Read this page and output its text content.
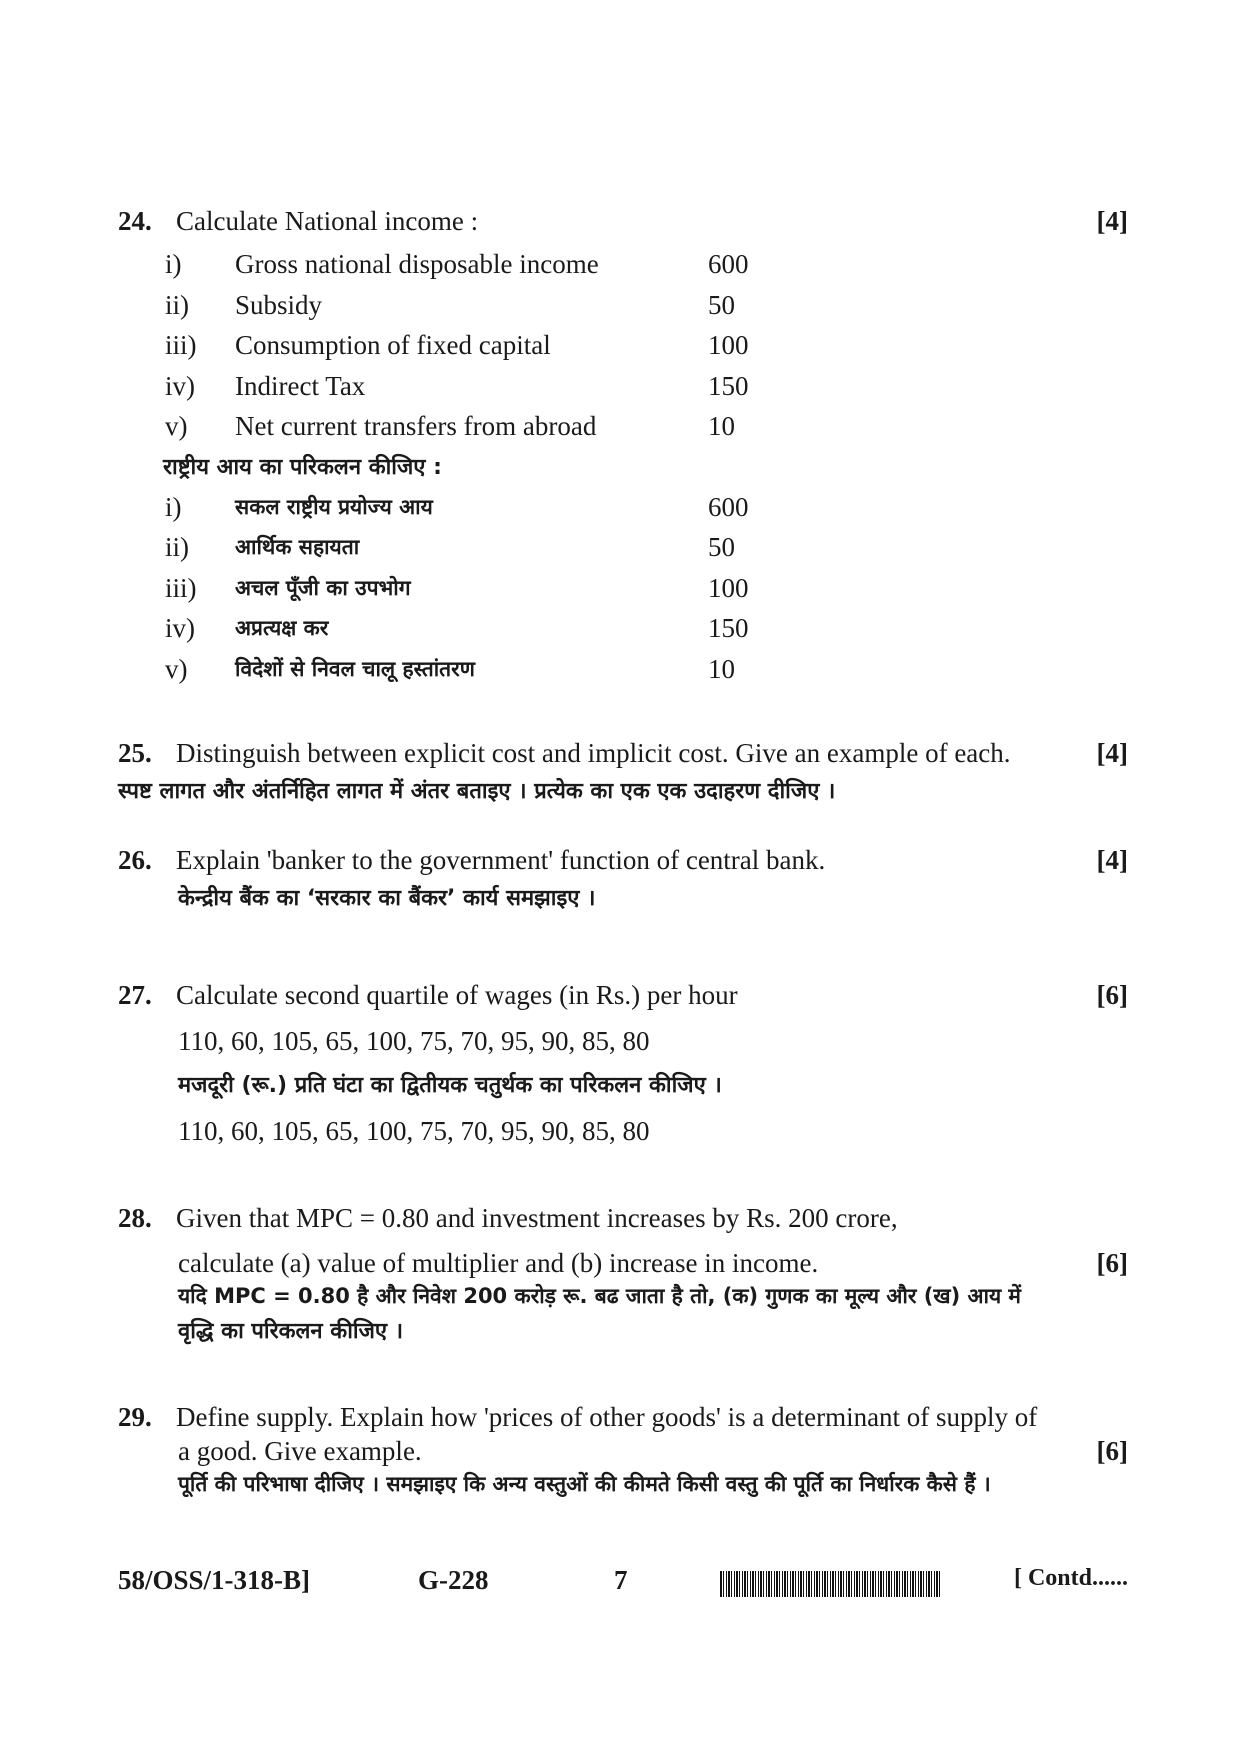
24. Calculate National income :	[4]
i) Gross national disposable income	600
ii) Subsidy	50
iii) Consumption of fixed capital	100
iv) Indirect Tax	150
v) Net current transfers from abroad	10
राष्ट्रीय आय का परिकलन कीजिए :
i)	सकल राष्ट्रीय प्रयोज्य आय	600
ii) आर्थिक सहायता	50
iii) अचल पूँजी का उपभोग	100
iv) अप्रत्यक्ष कर	150
v) विदेशों से निवल चालू हस्तांतरण	10
25. Distinguish between explicit cost and implicit cost. Give an example of each.	[4]
स्पष्ट लागत और अंतर्निहित लागत में अंतर बताइए । प्रत्येक का एक एक उदाहरण दीजिए ।
26. Explain 'banker to the government' function of central bank.	[4]
केन्द्रीय बैंक का ‘सरकार का बैंकर’ कार्य समझाइए ।
27. Calculate second quartile of wages (in Rs.) per hour	[6]
110, 60, 105, 65, 100, 75, 70, 95, 90, 85, 80
मजदूरी (रू.) प्रति घंटा का द्वितीयक चतुर्थक का परिकलन कीजिए ।
110, 60, 105, 65, 100, 75, 70, 95, 90, 85, 80
28. Given that MPC = 0.80 and investment increases by Rs. 200 crore,
calculate (a) value of multiplier and (b) increase in income.	[6]
यदि MPC = 0.80 है और निवेश 200 करोड़ रू. बढ जाता है तो, (क) गुणक का मूल्य और (ख) आय में
वृद्धि का परिकलन कीजिए ।
29. Define supply. Explain how 'prices of other goods' is a determinant of supply of
a good. Give example.	[6]
पूर्ति की परिभाषा दीजिए । समझाइए कि अन्य वस्तुओं की कीमते किसी वस्तु की पूर्ति का निर्धारक कैसे हैं ।
58/OSS/1-318-B]	G-228	7	[ Contd......
